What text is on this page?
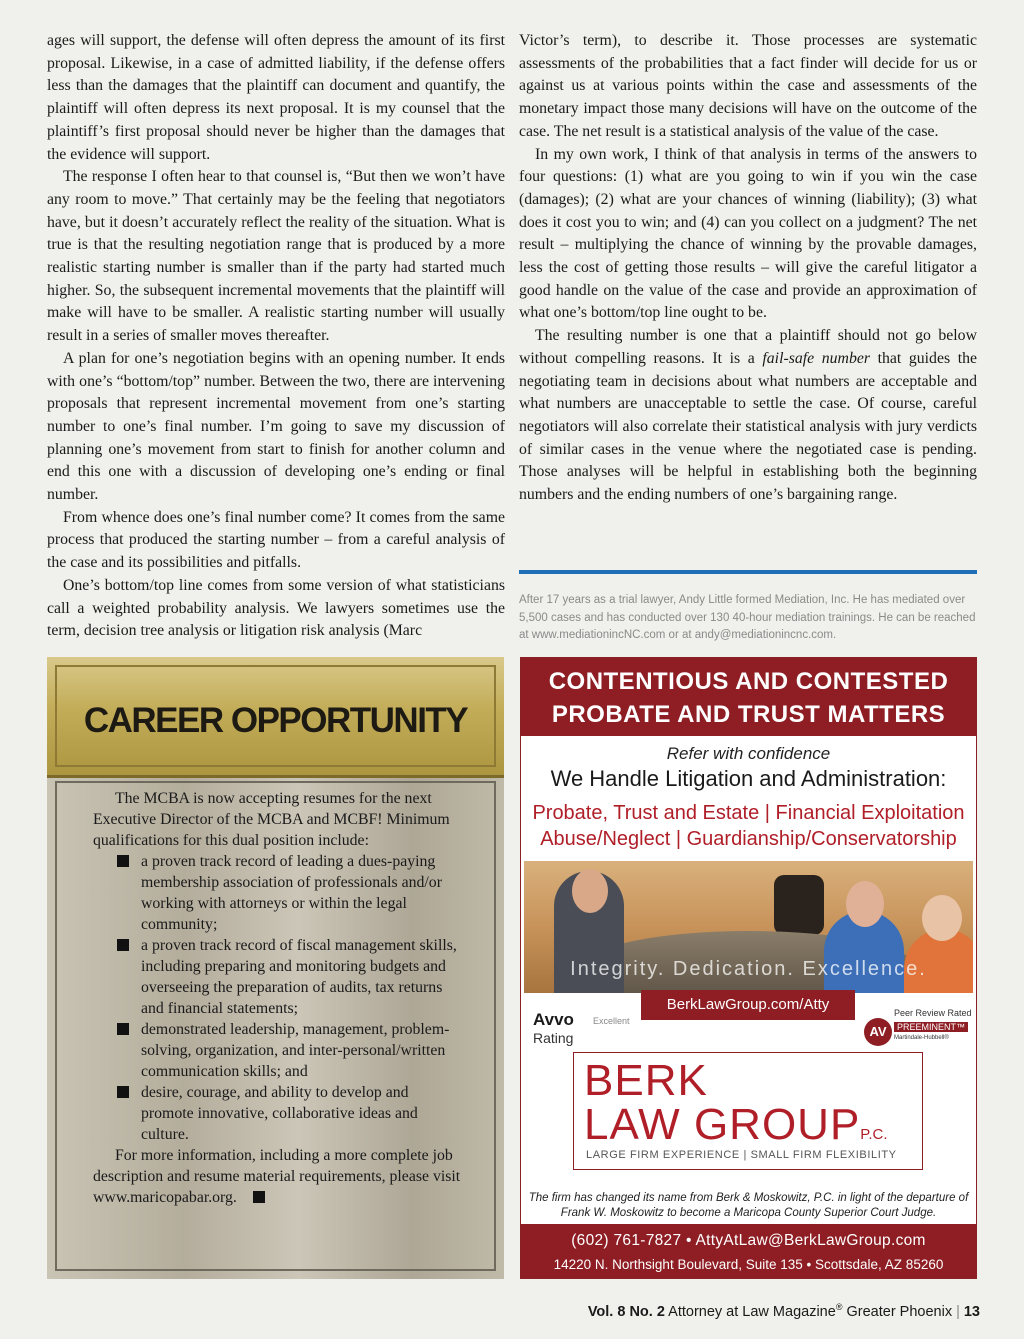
ages will support, the defense will often depress the amount of its first proposal. Likewise, in a case of admitted liability, if the defense offers less than the damages that the plaintiff can document and quantify, the plaintiff will often depress its next proposal. It is my counsel that the plaintiff’s first proposal should never be higher than the damages that the evidence will support.

The response I often hear to that counsel is, “But then we won’t have any room to move.” That certainly may be the feeling that negotiators have, but it doesn’t accurately reflect the reality of the situation. What is true is that the resulting negotiation range that is produced by a more realistic starting number is smaller than if the party had started much higher. So, the subsequent incremental movements that the plaintiff will make will have to be smaller. A realistic starting number will usually result in a series of smaller moves thereafter.

A plan for one’s negotiation begins with an opening number. It ends with one’s “bottom/top” number. Between the two, there are intervening proposals that represent incremental movement from one’s starting number to one’s final number. I’m going to save my discussion of planning one’s movement from start to finish for another column and end this one with a discussion of developing one’s ending or final number.

From whence does one’s final number come? It comes from the same process that produced the starting number – from a careful analysis of the case and its possibilities and pitfalls.

One’s bottom/top line comes from some version of what statisticians call a weighted probability analysis. We lawyers sometimes use the term, decision tree analysis or litigation risk analysis (Marc

Victor’s term), to describe it. Those processes are systematic assessments of the probabilities that a fact finder will decide for us or against us at various points within the case and assessments of the monetary impact those many decisions will have on the outcome of the case. The net result is a statistical analysis of the value of the case.

In my own work, I think of that analysis in terms of the answers to four questions: (1) what are you going to win if you win the case (damages); (2) what are your chances of winning (liability); (3) what does it cost you to win; and (4) can you collect on a judgment? The net result – multiplying the chance of winning by the provable damages, less the cost of getting those results – will give the careful litigator a good handle on the value of the case and provide an approximation of what one’s bottom/top line ought to be.

The resulting number is one that a plaintiff should not go below without compelling reasons. It is a fail-safe number that guides the negotiating team in decisions about what numbers are acceptable and what numbers are unacceptable to settle the case. Of course, careful negotiators will also correlate their statistical analysis with jury verdicts of similar cases in the venue where the negotiated case is pending. Those analyses will be helpful in establishing both the beginning numbers and the ending numbers of one’s bargaining range.

After 17 years as a trial lawyer, Andy Little formed Mediation, Inc. He has mediated over 5,500 cases and has conducted over 130 40-hour mediation trainings. He can be reached at www.mediationincNC.com or at andy@mediationincnc.com.
CAREER OPPORTUNITY

The MCBA is now accepting resumes for the next Executive Director of the MCBA and MCBF! Minimum qualifications for this dual position include:

a proven track record of leading a dues-paying membership association of professionals and/or working with attorneys or within the legal community;
a proven track record of fiscal management skills, including preparing and monitoring budgets and overseeing the preparation of audits, tax returns and financial statements;
demonstrated leadership, management, problem-solving, organization, and inter-personal/written communication skills; and
desire, courage, and ability to develop and promote innovative, collaborative ideas and culture.

For more information, including a more complete job description and resume material requirements, please visit www.maricopabar.org.

CONTENTIOUS AND CONTESTED
PROBATE AND TRUST MATTERS
Refer with confidence
We Handle Litigation and Administration:
Probate, Trust and Estate | Financial Exploitation
Abuse/Neglect | Guardianship/Conservatorship
Integrity. Dedication. Excellence.
BerkLawGroup.com/Atty
Avvo
Rating
Excellent
Peer Review Rated
AV	PREEMINENT™
Martindale-Hubbell®
BERK
LAW GROUPP.C.
LARGE FIRM EXPERIENCE | SMALL FIRM FLEXIBILITY
The firm has changed its name from Berk & Moskowitz, P.C. in light of the departure of
Frank W. Moskowitz to become a Maricopa County Superior Court Judge.
(602) 761-7827 • AttyAtLaw@BerkLawGroup.com
14220 N. Northsight Boulevard, Suite 135 • Scottsdale, AZ 85260
Vol. 8 No. 2 Attorney at Law Magazine® Greater Phoenix | 13
